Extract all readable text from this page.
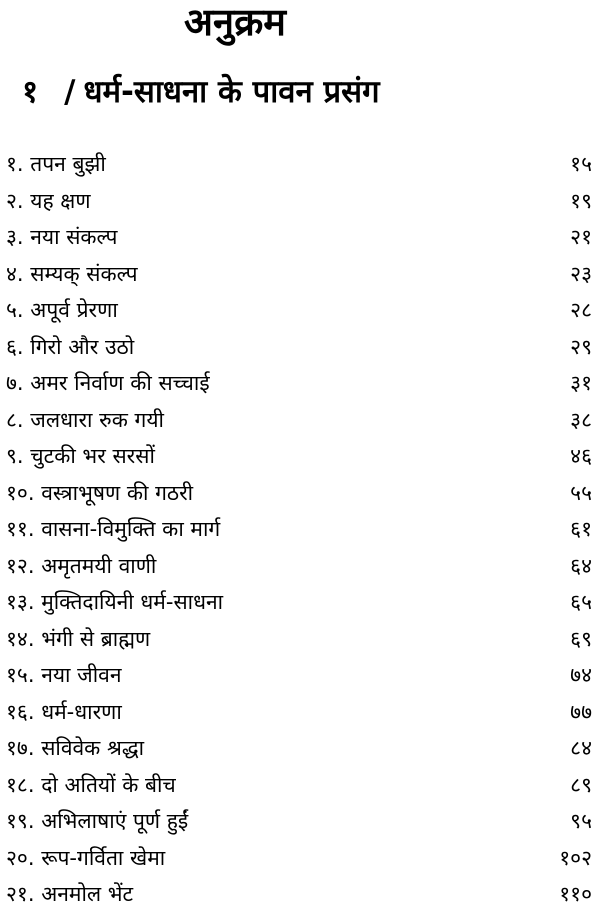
अनुक्रम
१ / धर्म-साधना के पावन प्रसंग
१. तपन बुझी	१५
२. यह क्षण	१९
३. नया संकल्प	२१
४. सम्यक् संकल्प	२३
५. अपूर्व प्रेरणा	२८
६. गिरो और उठो	२९
७. अमर निर्वाण की सच्चाई	३१
८. जलधारा रुक गयी	३८
९. चुटकी भर सरसों	४६
१०. वस्त्राभूषण की गठरी	५५
११. वासना-विमुक्ति का मार्ग	६१
१२. अमृतमयी वाणी	६४
१३. मुक्तिदायिनी धर्म-साधना	६५
१४. भंगी से ब्राह्मण	६९
१५. नया जीवन	७४
१६. धर्म-धारणा	७७
१७. सविवेक श्रद्धा	८४
१८. दो अतियों के बीच	८९
१९. अभिलाषाएं पूर्ण हुईं	९५
२०. रूप-गर्विता खेमा	१०२
२१. अनमोल भेंट	११०
